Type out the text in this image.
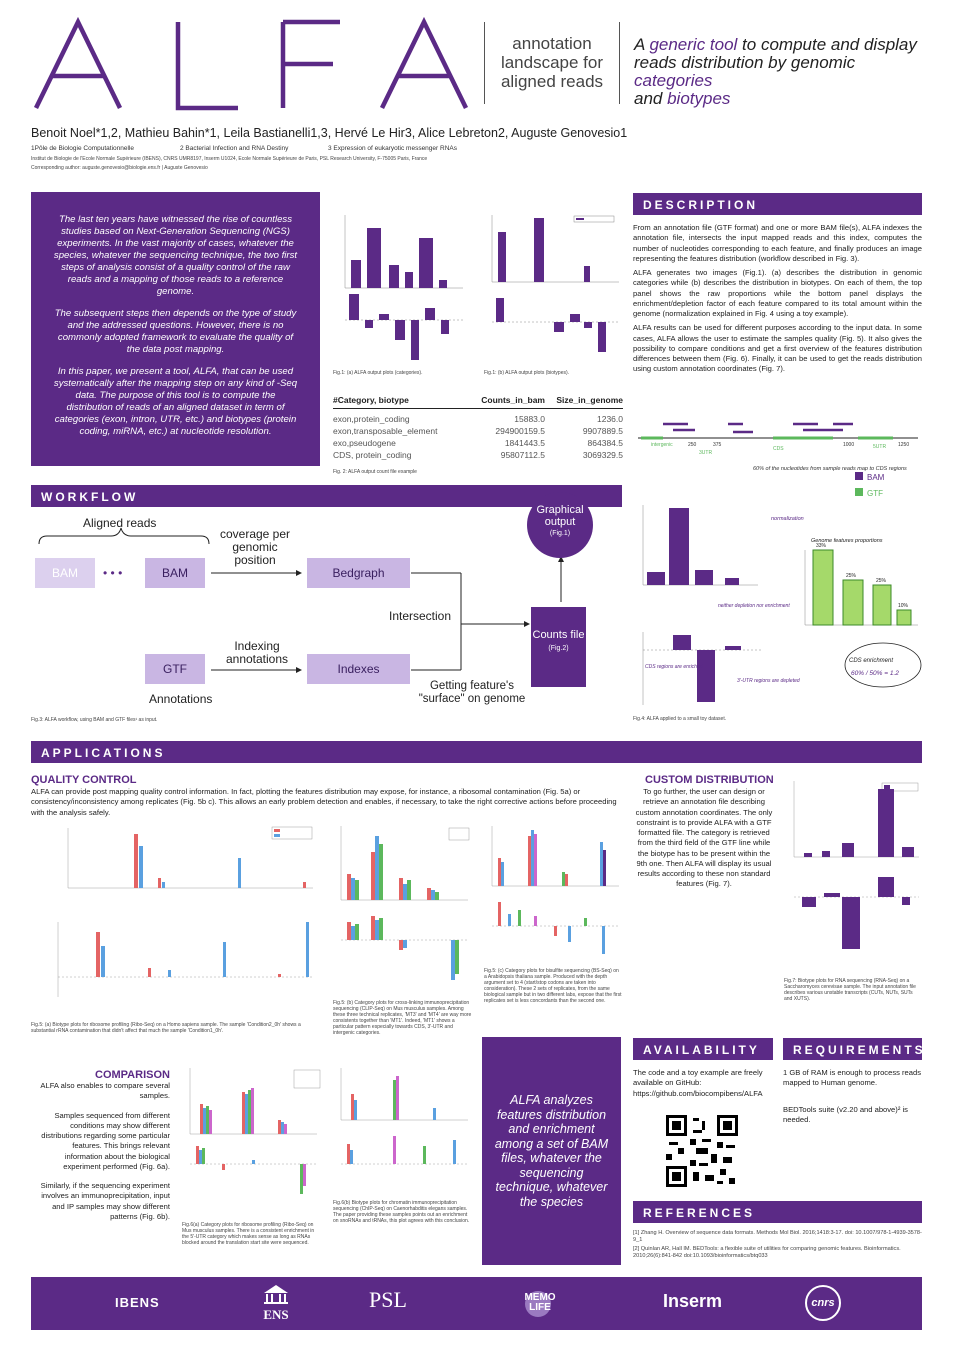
annotation
landscape for
aligned reads
A generic tool to compute and display
reads distribution by genomic categories
and biotypes
Benoit Noel*1,2, Mathieu Bahin*1, Leila Bastianelli1,3, Hervé Le Hir3, Alice Lebreton2, Auguste Genovesio1
1Pôle de Biologie Computationnelle	2 Bacterial Infection and RNA Destiny	3 Expression of eukaryotic messenger RNAs
Institut de Biologie de l'Ecole Normale Supérieure (IBENS), CNRS UMR8197, Inserm U1024, Ecole Normale Supérieure de Paris, PSL Research University, F-75005 Paris, France
Corresponding author: auguste.genovesio@biologie.ens.fr | Auguste Genovesio

The last ten years have witnessed the rise of countless studies based on Next-Generation Sequencing (NGS) experiments. In the vast majority of cases, whatever the species, whatever the sequencing technique, the two first steps of analysis consist of a quality control of the raw reads and a mapping of those reads to a reference genome.

The subsequent steps then depends on the type of study and the addressed questions. However, there is no commonly adopted framework to evaluate the quality of the data post mapping.

In this paper, we present a tool, ALFA, that can be used systematically after the mapping step on any kind of -Seq data. The purpose of this tool is to compute the distribution of reads of an aligned dataset in term of categories (exon, intron, UTR, etc.) and biotypes (protein coding, miRNA, etc.) at nucleotide resolution.

Fig.1: (a) ALFA output plots (categories).	Fig.1: (b) ALFA output plots (biotypes).
#Category, biotype	Counts_in_bam	Size_in_genome
exon,protein_coding	15883.0	1236.0
exon,transposable_element	294900159.5	9907889.5
exo,pseudogene	1841443.5	864384.5
CDS, protein_coding	95807112.5	3069329.5
Fig. 2: ALFA output count file example
DESCRIPTION

From an annotation file (GTF format) and one or more BAM file(s), ALFA indexes the annotation file, intersects the input mapped reads and this index, computes the number of nucleotides corresponding to each feature, and finally produces an image representing the features distribution (workflow described in Fig. 3).

ALFA generates two images (Fig.1). (a) describes the distribution in genomic categories while (b) describes the distribution in biotypes. On each of them, the top panel shows the raw proportions while the bottom panel displays the enrichment/depletion factor of each feature compared to its total amount within the genome (normalization explained in Fig. 4 using a toy example).

ALFA results can be used for different purposes according to the input data. In some cases, ALFA allows the user to estimate the samples quality (Fig. 5). It also gives the possibility to compare conditions and get a first overview of the features distribution differences between them (Fig. 6). Finally, it can be used to get the reads distribution using custom annotation coordinates (Fig. 7).

250	375	1000	1250
CDS
3UTR
5UTR
intergenic
60% of the nucleotides from sample reads map to CDS regions
BAM
GTF
normalization
Genome features proportions
33%
25%
25%
10%
neither depletion nor enrichment
CDS regions are enriched
3'-UTR regions are depleted
CDS enrichment
60% / 50% = 1.2
Fig.4: ALFA applied to a small toy dataset.
WORKFLOW
Aligned reads
BAM	• • •	BAM
coverage per genomic position
Bedgraph
Intersection
Counts file
(Fig.2)
Graphical output
(Fig.1)
GTF
Indexing annotations
Indexes
Annotations
Getting feature's "surface" on genome
Fig.3: ALFA workflow, using BAM and GTF files¹ as input.
APPLICATIONS
QUALITY CONTROL
ALFA can provide post mapping quality control information. In fact, plotting the features distribution may expose, for instance, a ribosomal contamination (Fig. 5a) or consistency/inconsistency among replicates (Fig. 5b c). This allows an early problem detection and enables, if necessary, to take the right corrective actions before proceeding with the analysis safely.
Fig.5: (a) Biotype plots for ribosome profiling (Ribo-Seq) on a Homo sapiens sample. The sample 'Condition2_0h' shows a substantial rRNA contamination that didn't affect that much the sample 'Condition1_0h'.
Fig.5: (b) Category plots for cross-linking immunoprecipitation sequencing (CLIP-Seq) on Mus musculus samples. Among these three technical replicates, 'MT3' and 'MT4' are way more consistents together than 'MT1'. Indeed, 'MT1' shows a particular pattern especially towards CDS, 3'-UTR and intergenic categories.
Fig.5: (c) Category plots for bisulfite sequencing (BS-Seq) on a Arabidopsis thaliana sample. Produced with the depth argument set to 4 (start/stop codons are taken into consideration). These 2 sets of replicates, from the same biological sample but in two different labs, expose that the first replicates set is less concordants than the second one.
CUSTOM DISTRIBUTION
To go further, the user can design or retrieve an annotation file describing custom annotation coordinates. The only constraint is to provide ALFA with a GTF formatted file. The category is retrieved from the third field of the GTF line while the biotype has to be present within the 9th one. Then ALFA will display its usual results according to these non standard features (Fig. 7).
Fig.7: Biotype plots for RNA sequencing (RNA-Seq) on a Saccharomyces cerevisae sample. The input annotation file describes various unstable transcripts (CUTs, NUTs, SUTs and XUTS).
COMPARISON

ALFA also enables to compare several samples.

Samples sequenced from different conditions may show different distributions regarding some particular features. This brings relevant information about the biological experiment performed (Fig. 6a).

Similarly, if the sequencing experiment involves an immunoprecipitation, input and IP samples may show different patterns (Fig. 6b).

Fig.6(a) Category plots for ribosome profiling (Ribo-Seq) on Mus musculus samples. There is a consistent enrichment in the 5'-UTR category which makes sense as long as RNAs blocked around the translation start site were sequenced.
Fig.6(b) Biotype plots for chromatin immunoprecipitation sequencing (ChIP-Seq) on Caenorhabditis elegans samples. The paper providing these samples points out an enrichment on snoRNAs and tRNAs, this plot agrees with this conclusion.
ALFA analyzes features distribution and enrichment among a set of BAM files, whatever the sequencing technique, whatever the species
AVAILABILITY
The code and a toy example are freely available on GitHub: https://github.com/biocompibens/ALFA
REQUIREMENTS
1 GB of RAM is enough to process reads mapped to Human genome.
BEDTools suite (v2.20 and above)² is needed.
REFERENCES
[1] Zhang H. Overview of sequence data formats. Methods Mol Biol. 2016;1418:3-17. doi: 10.1007/978-1-4939-3578-9_1
[2] Quinlan AR, Hall IM. BEDTools: a flexible suite of utilities for comparing genomic features. Bioinformatics. 2010;26(6):841-842 doi:10.1093/bioinformatics/btq033
IBENS
ENS
PSL	MEMO LIFE	Inserm	cnrs
